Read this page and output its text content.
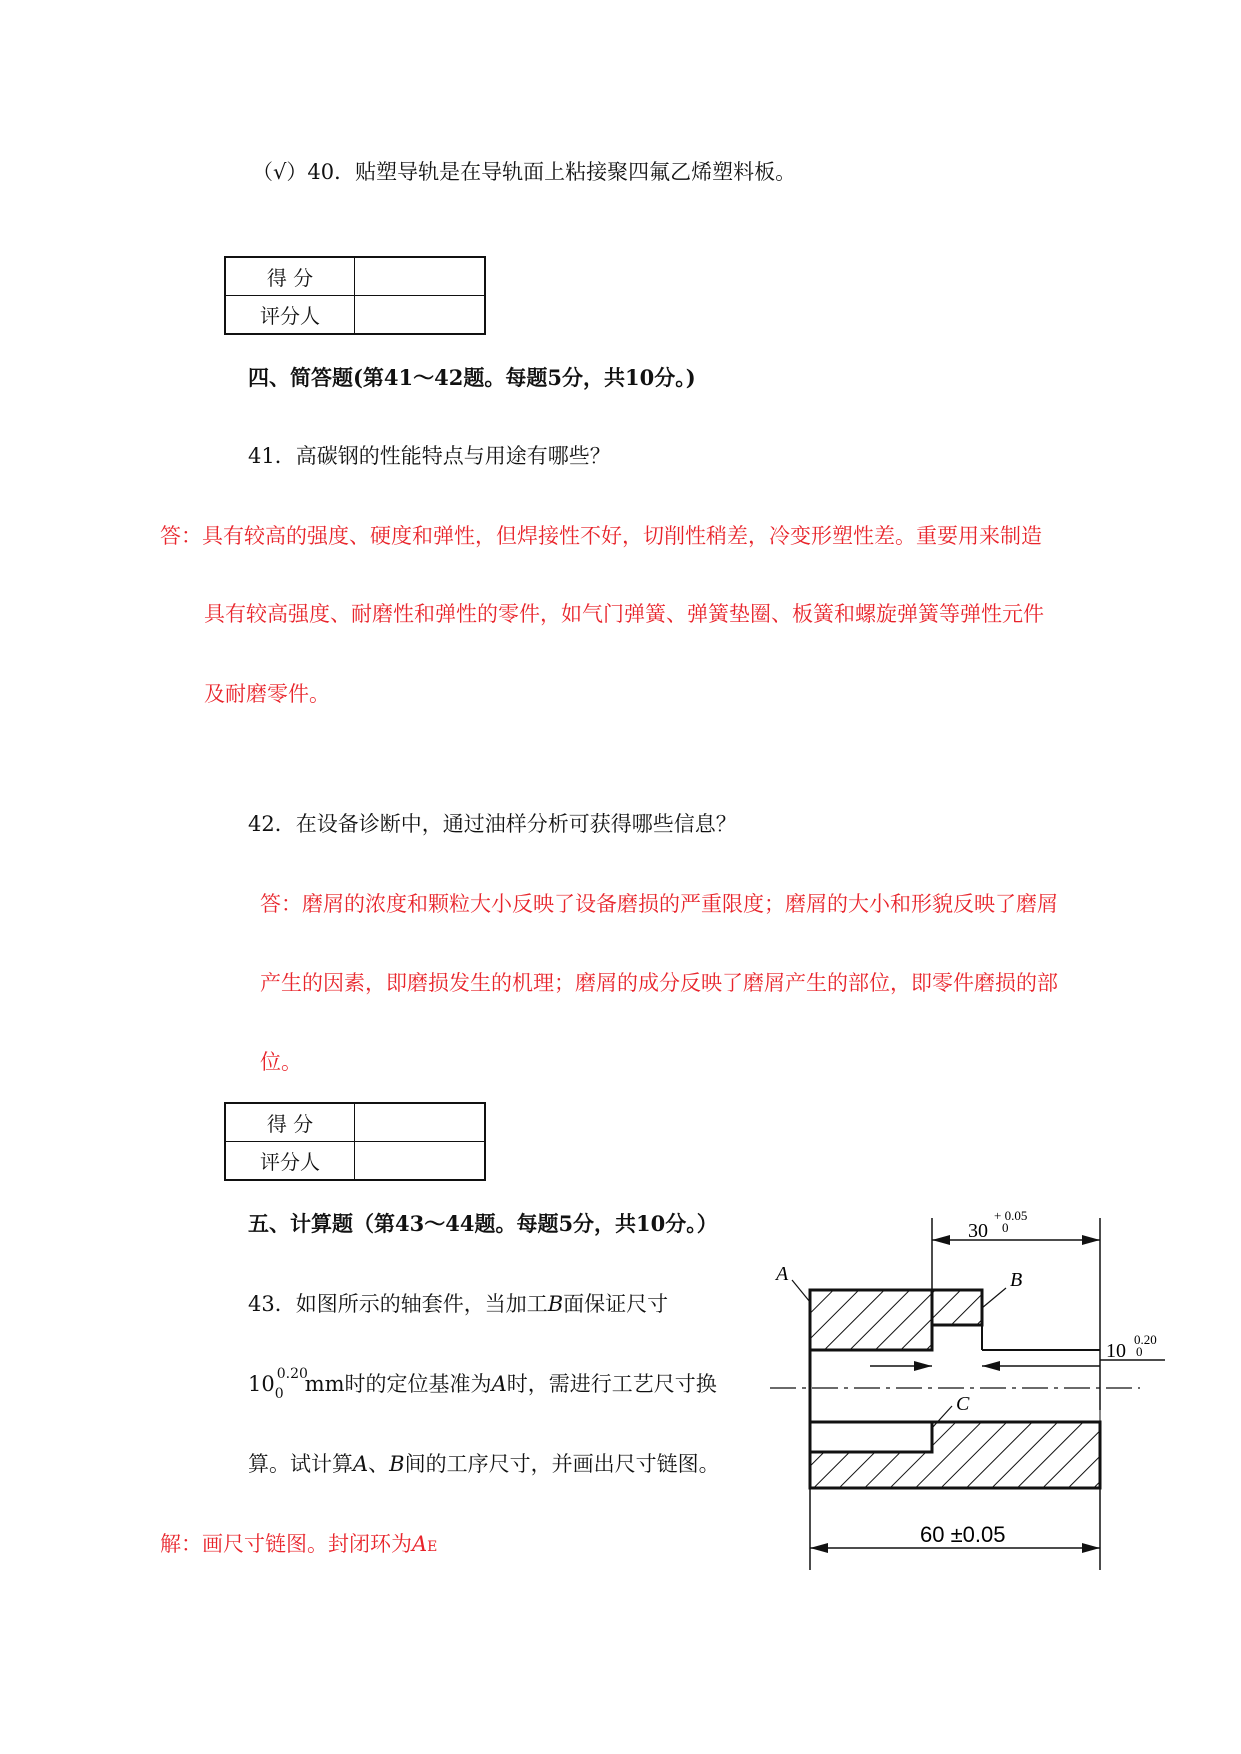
（√）40．贴塑导轨是在导轨面上粘接聚四氟乙烯塑料板。
得 分	
评分人	
四、简答题(第41～42题。每题5分，共10分。)
41．高碳钢的性能特点与用途有哪些？
答：具有较高的强度、硬度和弹性，但焊接性不好，切削性稍差，冷变形塑性差。重要用来制造
具有较高强度、耐磨性和弹性的零件，如气门弹簧、弹簧垫圈、板簧和螺旋弹簧等弹性元件
及耐磨零件。
42．在设备诊断中，通过油样分析可获得哪些信息？
答：磨屑的浓度和颗粒大小反映了设备磨损的严重限度；磨屑的大小和形貌反映了磨屑
产生的因素，即磨损发生的机理；磨屑的成分反映了磨屑产生的部位，即零件磨损的部
位。
得 分	
评分人	
五、计算题（第43～44题。每题5分，共10分。）
43．如图所示的轴套件，当加工B面保证尺寸
10 0
0.20
mm时的定位基准为A时，需进行工艺尺寸换
算。试计算A、B间的工序尺寸，并画出尺寸链图。
解：画尺寸链图。封闭环为AE
30
+ 0.05
0
10
0.20
0
A	B
C
60 ±0.05
